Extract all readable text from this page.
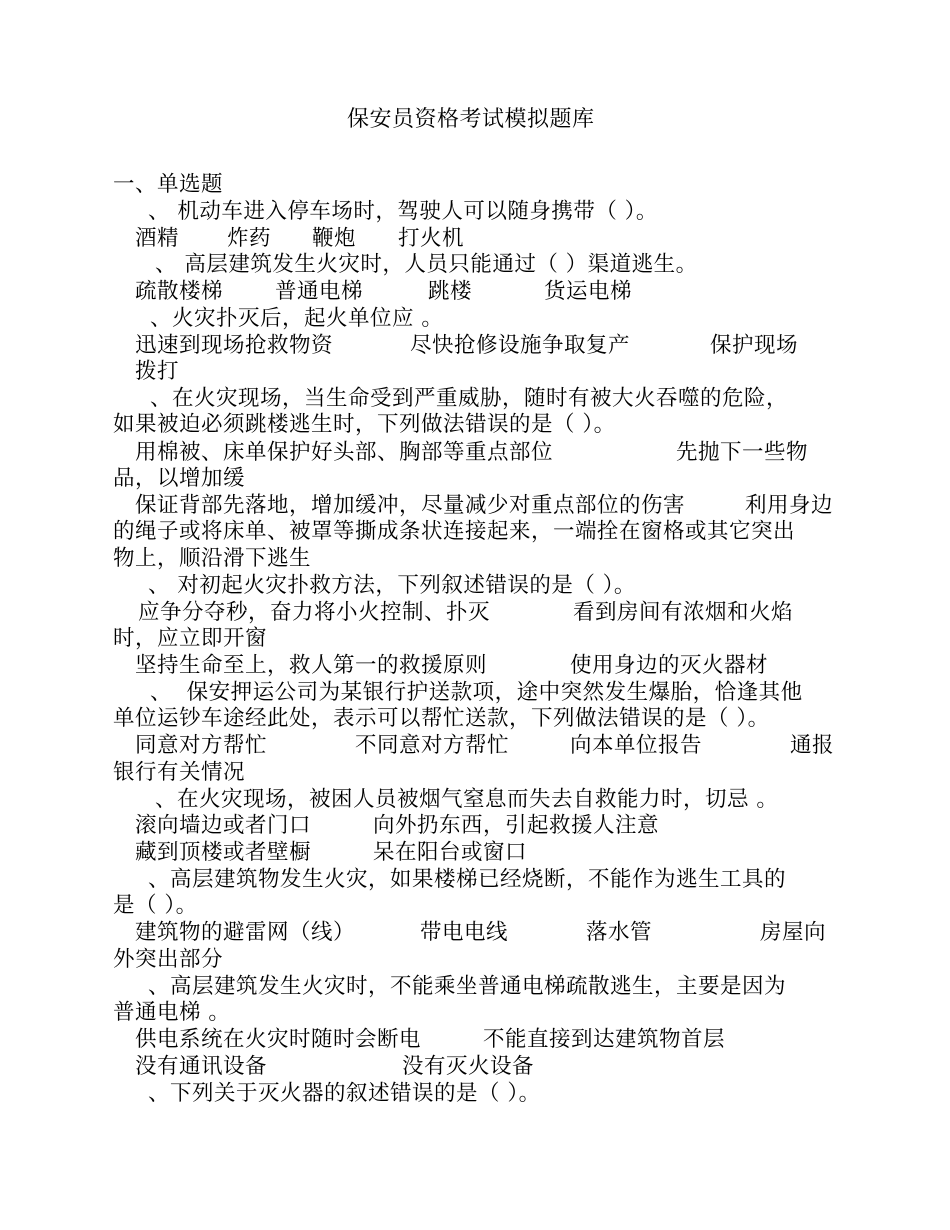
保安员资格考试模拟题库
一、单选题
、 机动车进入停车场时，驾驶人可以随身携带（ ）。
酒精 炸药 鞭炮 打火机
、 高层建筑发生火灾时，人员只能通过（ ）渠道逃生。
疏散楼梯 普通电梯	跳楼	货运电梯
、火灾扑灭后，起火单位应 。
迅速到现场抢救物资	尽快抢修设施争取复产	保护现场
拨打
、在火灾现场，当生命受到严重威胁，随时有被大火吞噬的危险，
如果被迫必须跳楼逃生时，下列做法错误的是（ ）。
用棉被、床单保护好头部、胸部等重点部位	先抛下一些物
品，以增加缓
保证背部先落地，增加缓冲，尽量减少对重点部位的伤害	利用身边
的绳子或将床单、被罩等撕成条状连接起来，一端拴在窗格或其它突出
物上，顺沿滑下逃生
、 对初起火灾扑救方法，下列叙述错误的是（ ）。
应争分夺秒，奋力将小火控制、扑灭	看到房间有浓烟和火焰
时，应立即开窗
坚持生命至上，救人第一的救援原则	使用身边的灭火器材
、  保安押运公司为某银行护送款项，途中突然发生爆胎，恰逢其他
单位运钞车途经此处，表示可以帮忙送款，下列做法错误的是（ ）。
同意对方帮忙	不同意对方帮忙	向本单位报告	通报
银行有关情况
、在火灾现场，被困人员被烟气窒息而失去自救能力时，切忌 。
滚向墙边或者门口	向外扔东西，引起救援人注意
藏到顶楼或者壁橱	呆在阳台或窗口
、高层建筑物发生火灾，如果楼梯已经烧断，不能作为逃生工具的
是（ ）。
建筑物的避雷网（线）	带电电线	落水管	房屋向
外突出部分
、高层建筑发生火灾时，不能乘坐普通电梯疏散逃生，主要是因为
普通电梯 。
供电系统在火灾时随时会断电	不能直接到达建筑物首层
没有通讯设备	没有灭火设备
、下列关于灭火器的叙述错误的是（ ）。
